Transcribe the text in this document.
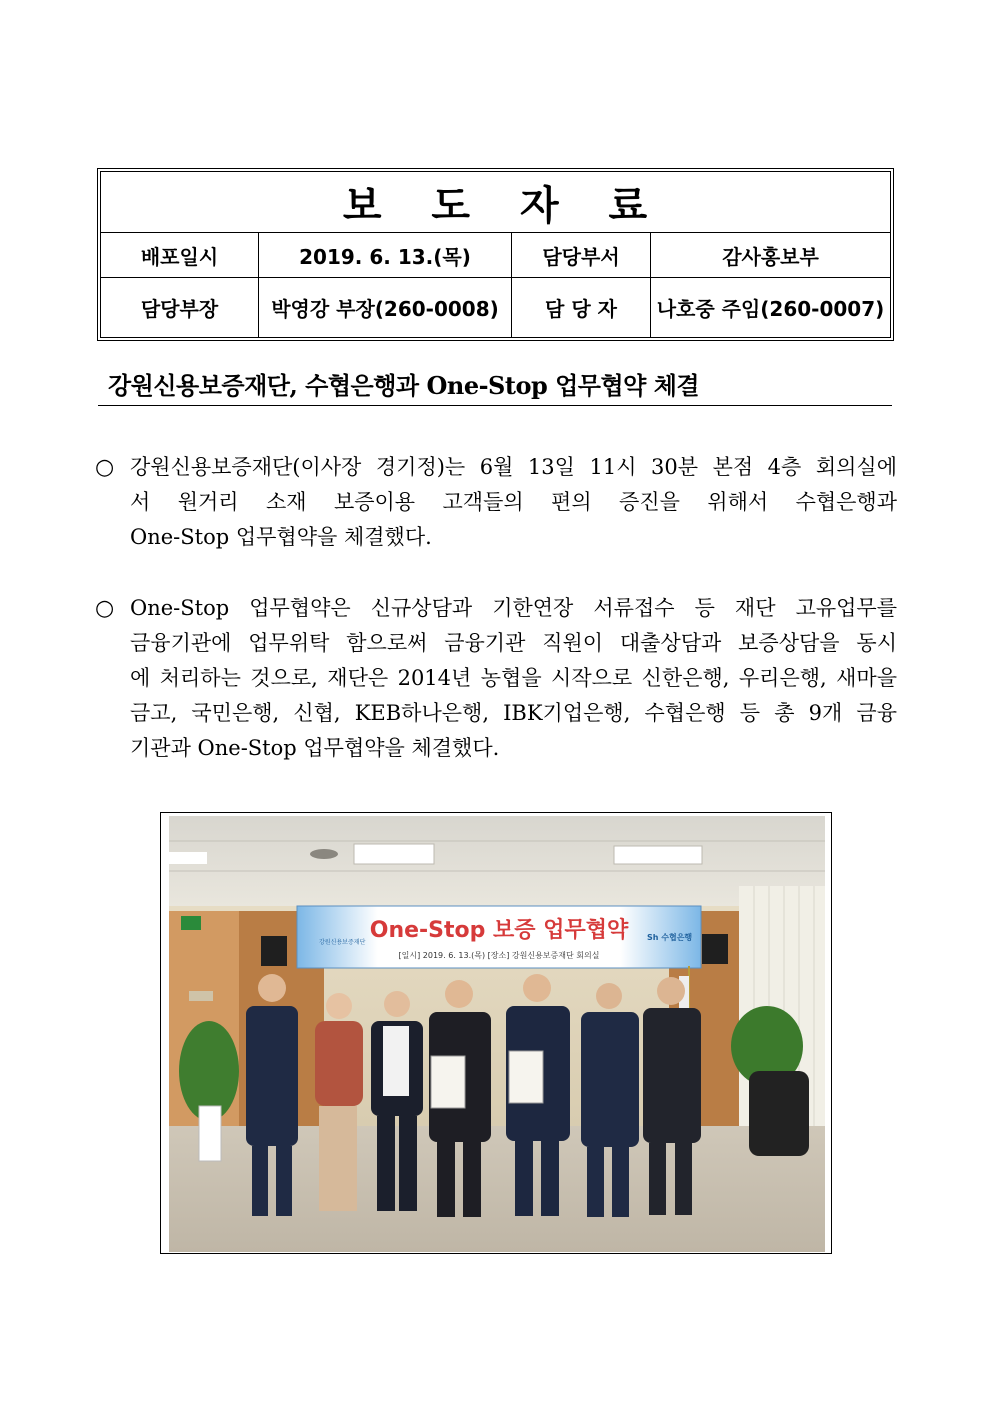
보 도 자 료			
배포일시	2019. 6. 13.(목)	담당부서	감사홍보부
담당부장	박영강 부장(260-0008)	담 당 자	나호중 주임(260-0007)
강원신용보증재단, 수협은행과 One-Stop 업무협약 체결
○ 강원신용보증재단(이사장 경기정)는 6월 13일 11시 30분 본점 4층 회의실에
서 원거리 소재 보증이용 고객들의 편의 증진을 위해서 수협은행과
One-Stop 업무협약을 체결했다.
○ One-Stop 업무협약은 신규상담과 기한연장 서류접수 등 재단 고유업무를
금융기관에 업무위탁 함으로써 금융기관 직원이 대출상담과 보증상담을 동시
에 처리하는 것으로, 재단은 2014년 농협을 시작으로 신한은행, 우리은행, 새마을
금고, 국민은행, 신협, KEB하나은행, IBK기업은행, 수협은행 등 총 9개 금융
기관과 One-Stop 업무협약을 체결했다.
One-Stop 보증 업무협약
[일시] 2019. 6. 13.(목) [장소] 강원신용보증재단 회의실
강원신용보증재단
Sh 수협은행
